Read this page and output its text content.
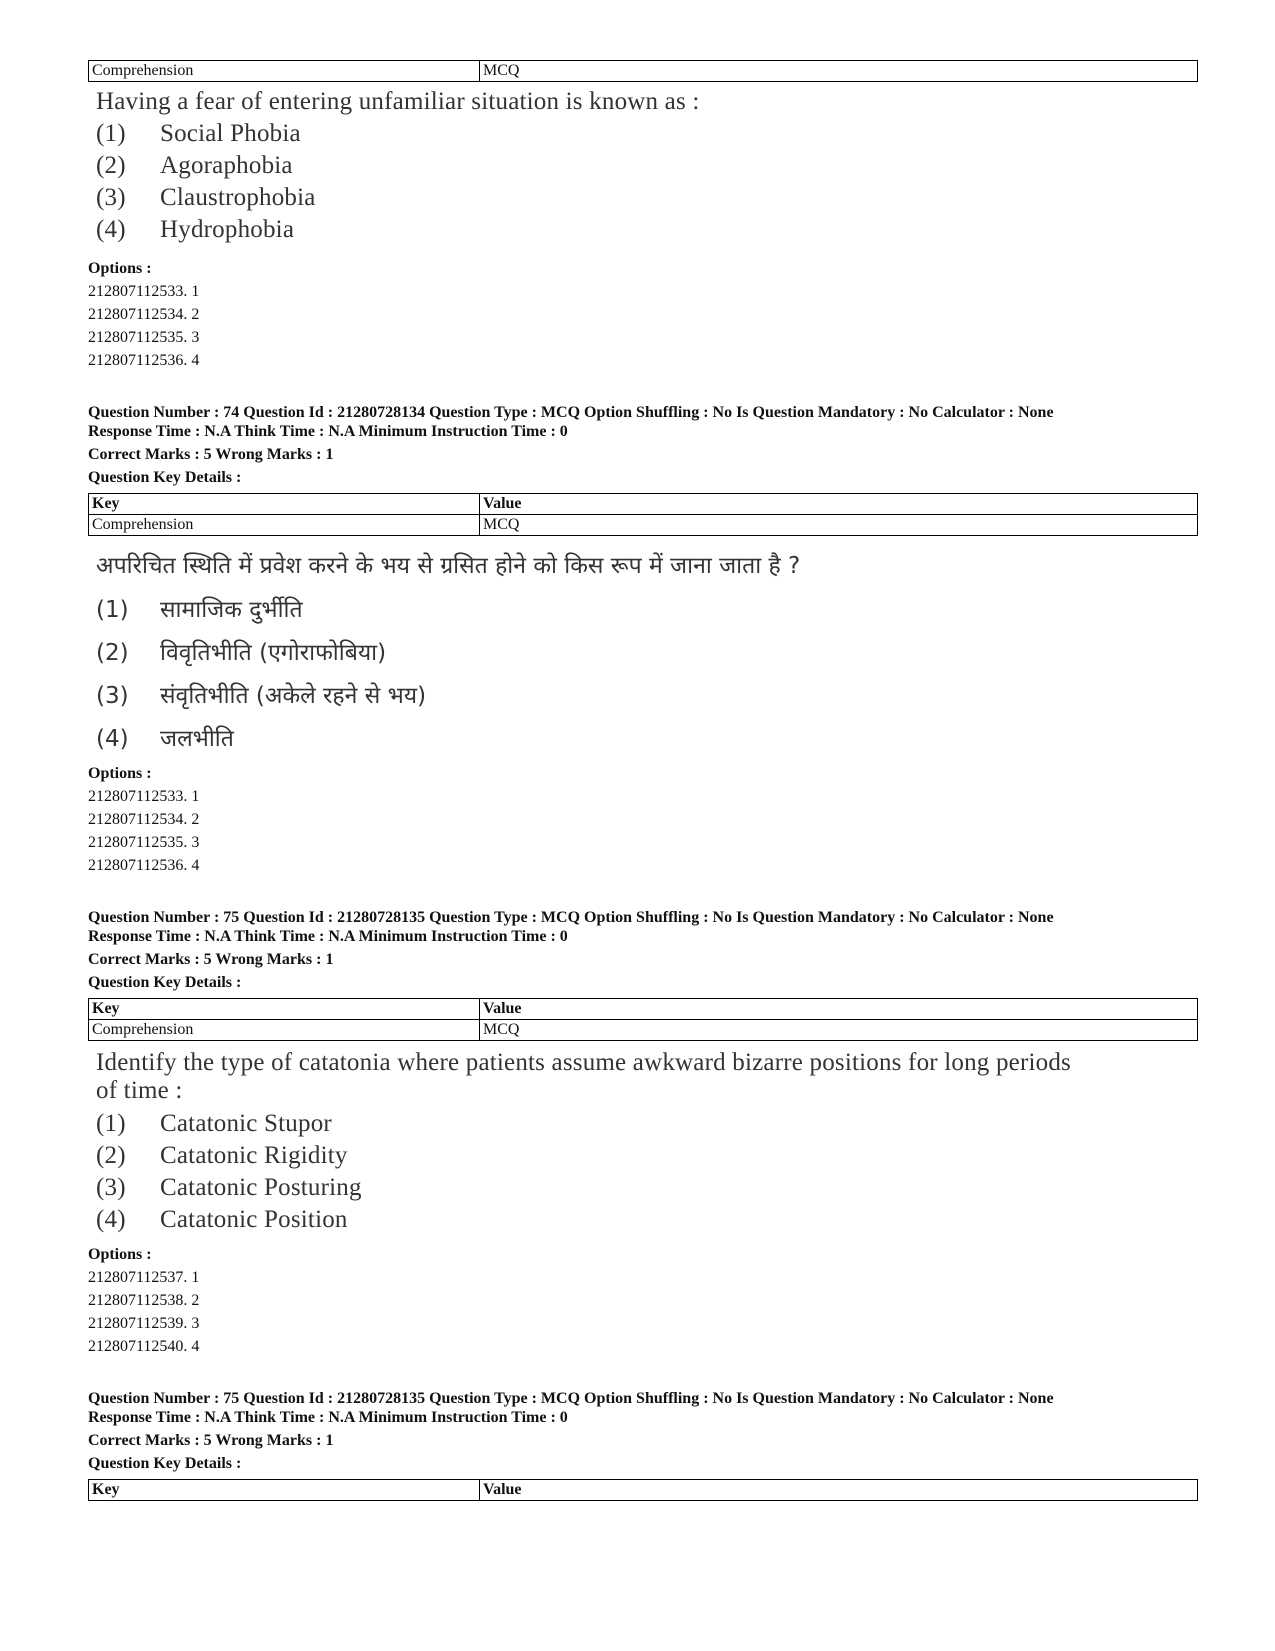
Comprehension	MCQ
Having a fear of entering unfamiliar situation is known as :
(1) Social Phobia
(2) Agoraphobia
(3) Claustrophobia
(4) Hydrophobia
Options :
212807112533. 1
212807112534. 2
212807112535. 3
212807112536. 4
Question Number : 74 Question Id : 21280728134 Question Type : MCQ Option Shuffling : No Is Question Mandatory : No Calculator : None
Response Time : N.A Think Time : N.A Minimum Instruction Time : 0
Correct Marks : 5 Wrong Marks : 1
Question Key Details :
Key	Value
Comprehension	MCQ
अपरिचित स्थिति में प्रवेश करने के भय से ग्रसित होने को किस रूप में जाना जाता है ?
(1) सामाजिक दुर्भीति
(2) विवृतिभीति (एगोराफोबिया)
(3) संवृतिभीति (अकेले रहने से भय)
(4) जलभीति
Options :
212807112533. 1
212807112534. 2
212807112535. 3
212807112536. 4
Question Number : 75 Question Id : 21280728135 Question Type : MCQ Option Shuffling : No Is Question Mandatory : No Calculator : None
Response Time : N.A Think Time : N.A Minimum Instruction Time : 0
Correct Marks : 5 Wrong Marks : 1
Question Key Details :
Key	Value
Comprehension	MCQ
Identify the type of catatonia where patients assume awkward bizarre positions for long periods
of time :
(1) Catatonic Stupor
(2) Catatonic Rigidity
(3) Catatonic Posturing
(4) Catatonic Position
Options :
212807112537. 1
212807112538. 2
212807112539. 3
212807112540. 4
Question Number : 75 Question Id : 21280728135 Question Type : MCQ Option Shuffling : No Is Question Mandatory : No Calculator : None
Response Time : N.A Think Time : N.A Minimum Instruction Time : 0
Correct Marks : 5 Wrong Marks : 1
Question Key Details :
Key	Value
